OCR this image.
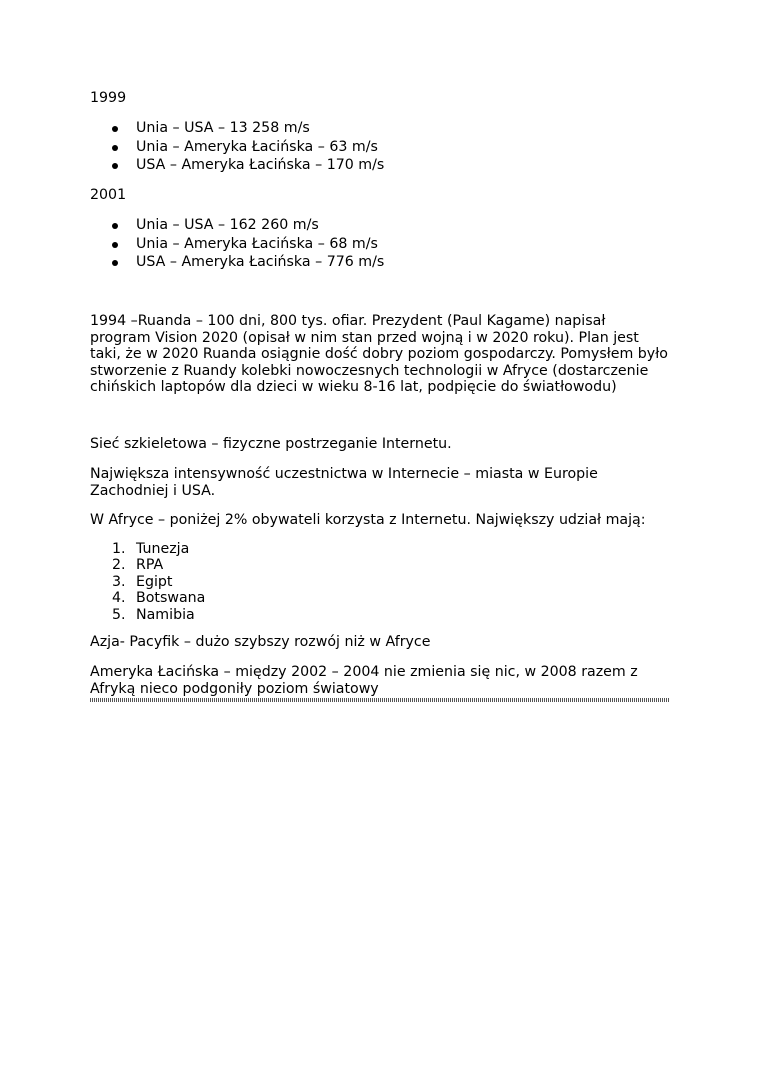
1999
Unia – USA – 13 258 m/s
Unia – Ameryka Łacińska – 63 m/s
USA – Ameryka Łacińska – 170 m/s
2001
Unia – USA – 162 260 m/s
Unia – Ameryka Łacińska – 68 m/s
USA – Ameryka Łacińska – 776 m/s

1994 –Ruanda – 100 dni, 800 tys. ofiar. Prezydent (Paul Kagame) napisał program Vision 2020 (opisał w nim stan przed wojną i w 2020 roku). Plan jest taki, że w 2020 Ruanda osiągnie dość dobry poziom gospodarczy. Pomysłem było stworzenie z Ruandy kolebki nowoczesnych technologii w Afryce (dostarczenie chińskich laptopów dla dzieci w wieku 8-16 lat, podpięcie do światłowodu)

Sieć szkieletowa – fizyczne postrzeganie Internetu.

Największa intensywność uczestnictwa w Internecie – miasta w Europie Zachodniej i USA.

W Afryce – poniżej 2% obywateli korzysta z Internetu. Największy udział mają:

1. Tunezja
2. RPA
3. Egipt
4. Botswana
5. Namibia

Azja- Pacyfik – dużo szybszy rozwój niż w Afryce

Ameryka Łacińska – między 2002 – 2004 nie zmienia się nic, w 2008 razem z Afryką nieco podgoniły poziom światowy
